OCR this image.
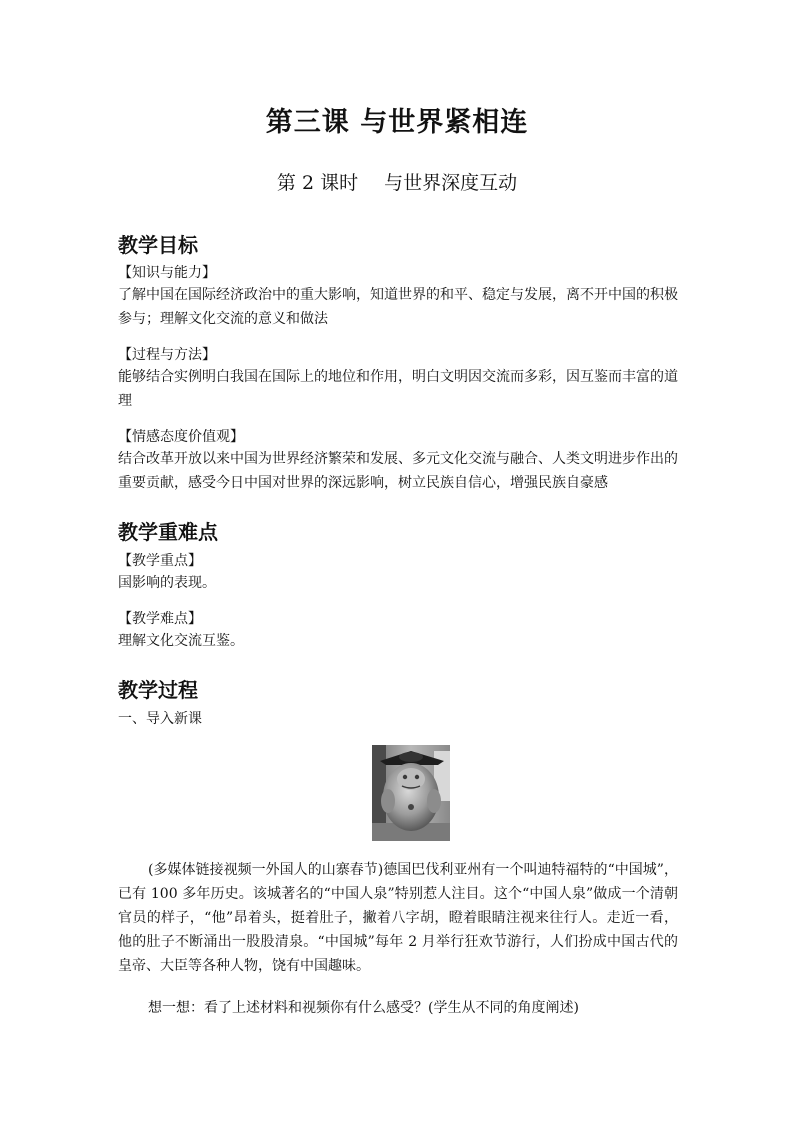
第三课 与世界紧相连
第 2 课时 与世界深度互动
教学目标
【知识与能力】
了解中国在国际经济政治中的重大影响，知道世界的和平、稳定与发展，离不开中国的积极参与；理解文化交流的意义和做法
【过程与方法】
能够结合实例明白我国在国际上的地位和作用，明白文明因交流而多彩，因互鉴而丰富的道理
【情感态度价值观】
结合改革开放以来中国为世界经济繁荣和发展、多元文化交流与融合、人类文明进步作出的重要贡献，感受今日中国对世界的深远影响，树立民族自信心，增强民族自豪感
教学重难点
【教学重点】
国影响的表现。
【教学难点】
理解文化交流互鉴。
教学过程
一、导入新课
(多媒体链接视频一外国人的山寨春节)德国巴伐利亚州有一个叫迪特福特的“中国城”，已有 100 多年历史。该城著名的“中国人泉”特别惹人注目。这个“中国人泉”做成一个清朝官员的样子，“他”昂着头，挺着肚子，撇着八字胡，瞪着眼睛注视来往行人。走近一看，他的肚子不断涌出一股股清泉。“中国城”每年 2 月举行狂欢节游行，人们扮成中国古代的皇帝、大臣等各种人物，饶有中国趣味。
想一想：看了上述材料和视频你有什么感受？(学生从不同的角度阐述)
